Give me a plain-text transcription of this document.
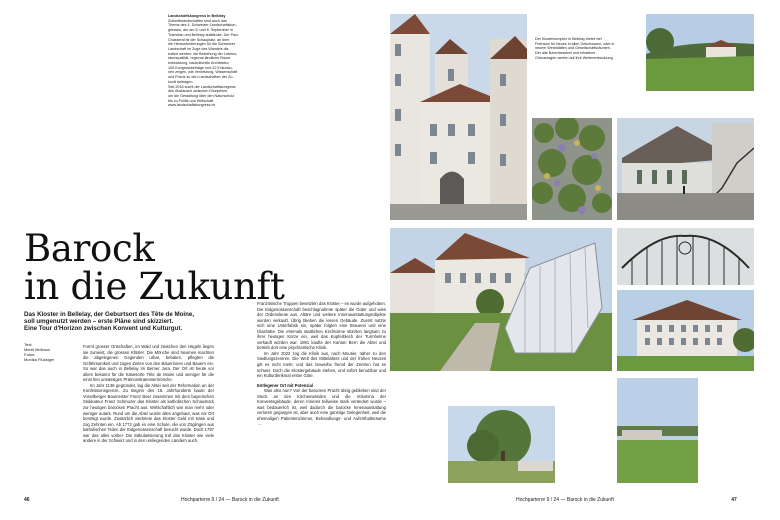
Landschaftskongress in Bellelay
Zukunftslandschaften sind auch das
Thema des 4. Schweizer Landschaftskon-
gresses, der am 5. und 6. September in
Tramelan und Bellelay stattfindet. Der Parc
Chasseral ist der Schauplatz, an dem
die Herausforderungen für die Schweizer
Landschaft im Zuge des Wandels dis-
kutiert werden: die Beziehung der Lebens-
raumqualität, regional-ländliche Raum-
entwicklung, baukulturelle Architektur.
100 Kongressbeiträge und 22 Exkursio-
nen zeigen, wie Vernetzung, Wissenschaft
und Praxis zu den Landschaften der Zu-
kunft beitragen.
Seit 2018 sucht der Landschaftskongress
den Austausch zwischen Disziplinen,
um die Gestaltung über den Naturschutz
bis zu Politik und Wirtschaft.
www.landschaftskongress.ch
Barock
in die Zukunft
Das Kloster in Bellelay, der Geburtsort des Tête de Moine,
soll umgenutzt werden – erste Pläne sind skizziert.
Eine Tour d'Horizon zwischen Konvent und Kulturgut.
Text:
Meret Bröboss
Fotos:
Monika Flückiger

Formt grosser Ortschaften, im Wald und zwischen den Hügeln liegen sie zumeist, die grossen Klöster. Die Mönche sind Neumen machten die abgelegenen Gegenden urbar, bebaten, pflegten die Gefährsamkeit und zogen Zeiten von den Bäuerinnen und Bauern ein. So war das auch in Bellelay im Berner Jura. Der Ort ist heute vor allem bekannt für die Käsesorte Tête de Moine und weniger für die einst hier ansässigen Prämonstratensermönche.

Im Jahr 1136 gegründet, lag die Abtei seit der Reformation an der Konfessionsgrenze. Zu Beginn des 18. Jahrhunderts baute der Vorarlberger Baumeister Franz Beer zusammen mit dem bayerischen Stukkateur Franz Schmuzer das Kloster als katholischen Schaustück zur heutigen barocken Pracht aus. Wirtschaftlich war man mehr oder weniger autark. Rund um die Abtei wurde alles angebaut, was vor Ort benötigt wurde. Zusätzlich vierbriete das Kloster Geld mit Käse und zog Zehnten ein. Ab 1772 gab es eine Schule, die von Zöglingen aus katholischen Teilen der Eidgenossenschaft besucht wurde. Doch 1797 war das alles vorbei: Die Säkularisierung traf das Kloster wie viele andere in der Schweiz und in den umliegenden Ländern auch.

Französische Truppen besetzten das Kloster – es wurde aufgehoben. Die Eidgenossenschaft beschlagnahmte später die Güter und wies der Ordensleute aus. Altäre und weitere Innenausstattungsobjekte wurden verkauft. Übrig blieben die leeren Gebäude. Zuerst nutzte sich eine Unterfabrik ein, später folgten eine Brauerei und eine Glashütte. Die ehemals stattlichen Kirchtürme stürzten langsam zu ihrer heutigen Kürze ein, weil das Kupferblech der Turmhelme verkauft worden war. 1891 kaufte der Kanton Bern die Abtei und betrieb dort eine psychiatrische Klinik.

Im Jahr 2022 zog die Klinik aus, nach Moutier, näher zu den Siedlungszentren. Die Welt des Mittelalters und der frühen Neuzeit gilt es nicht mehr, und das Gewerbe fremd der Zentren hat es schwer. Doch die Klostergebäude stehen, und sofort benutzbar und ein Kulturdenkmal erster Güte.

Entlegener Ort mit Potenzial

Was also nun? Von der barocken Pracht übrig geblieben sind der Stuck an den Kirchenwänden und die Volumina der Konventsgebäude, deren Inneres teilweise stark verändert wurde – was bedauerlich ist, weil dadurch die barocke Innenausstattung verloren gegangen ist, aber auch eine günstige Gelegenheit, weil die ehemaligen Patientenzimmer, Behandlungs- und Aufenthaltsräume →

46	Hochparterre 9 / 24 — Barock in die Zukunft	Hochparterre 9 / 24 — Barock in die Zukunft	47
Der Klosterkomplex in Bellelay bietet viel Freiraum für Neues in allen Geschossen, oder in neuem Werkstätten und Gesellschaftsräumen. Der alte Baumbestand und erhaltene Grünanlagen werfen auf ihre Weiterentwicklung.
